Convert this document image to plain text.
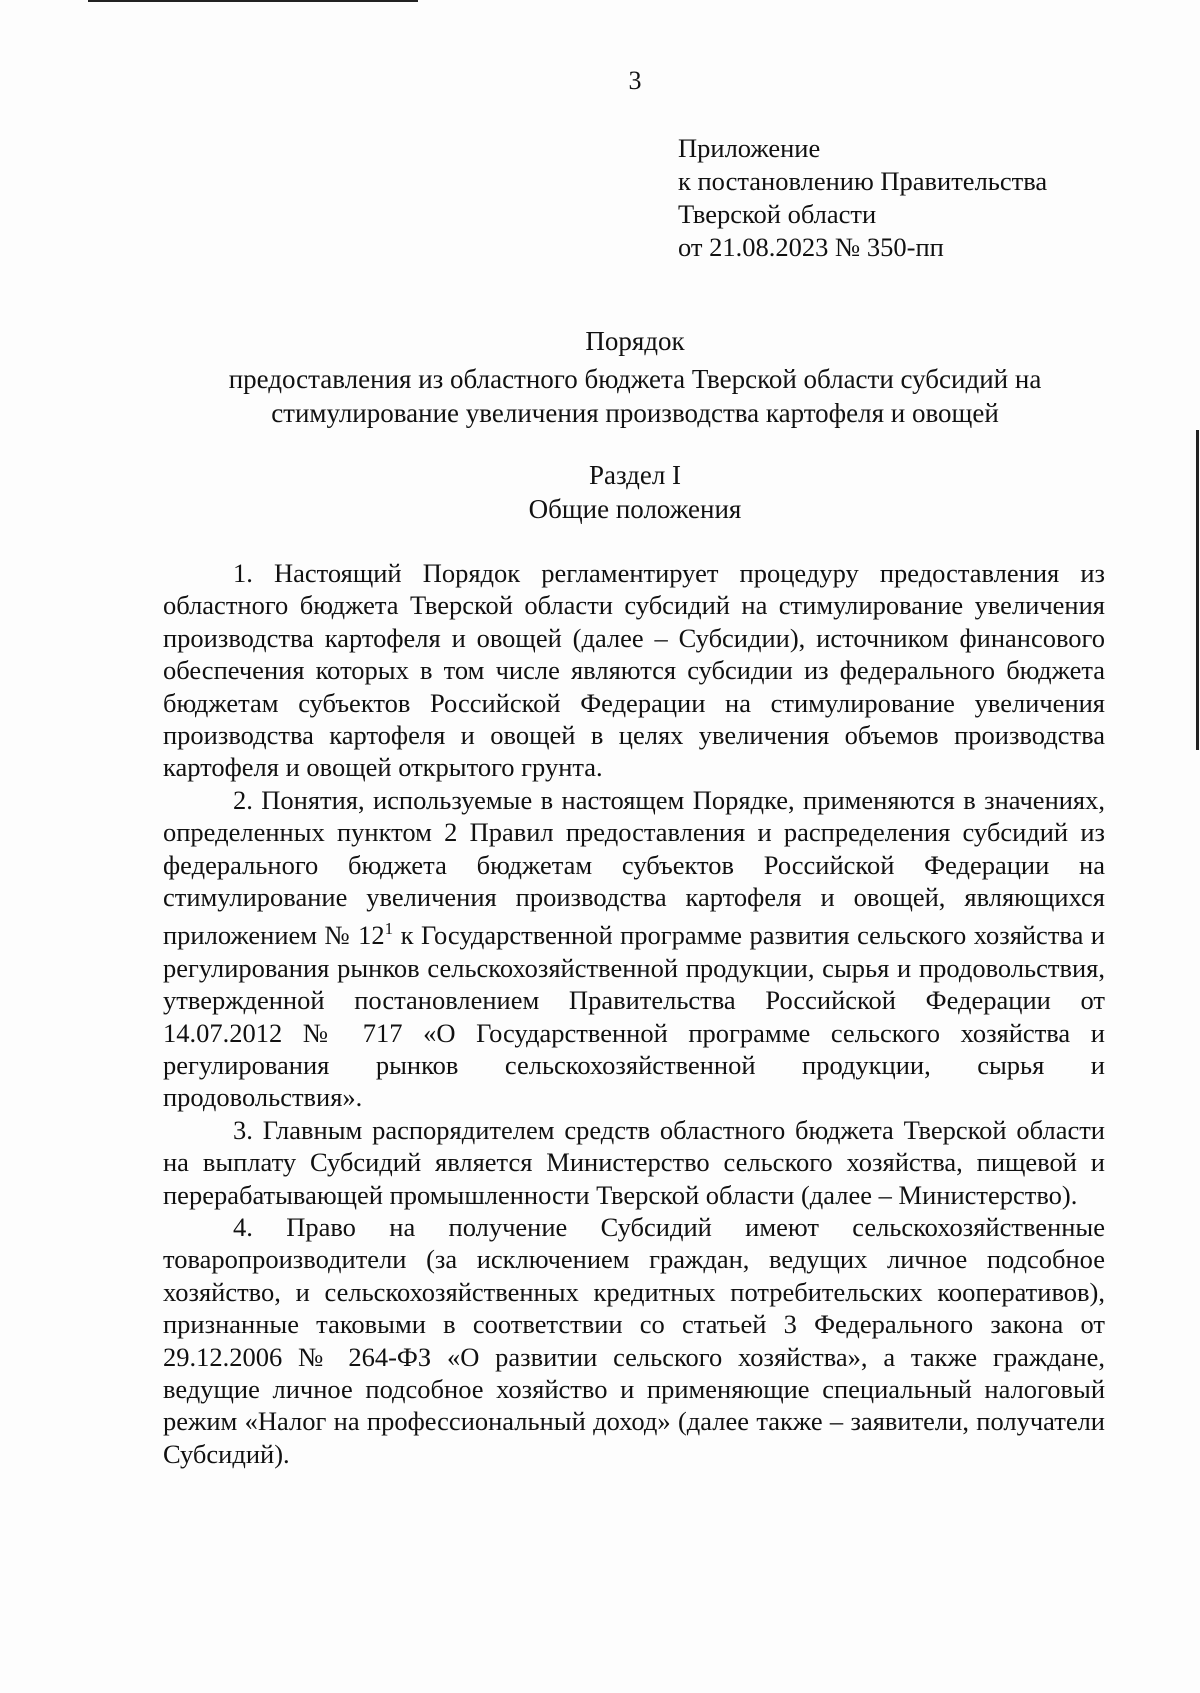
3
Приложение
к постановлению Правительства
Тверской области
от 21.08.2023 № 350-пп
Порядок
предоставления из областного бюджета Тверской области субсидий на стимулирование увеличения производства картофеля и овощей
Раздел I
Общие положения

1. Настоящий Порядок регламентирует процедуру предоставления из областного бюджета Тверской области субсидий на стимулирование увеличения производства картофеля и овощей (далее – Субсидии), источником финансового обеспечения которых в том числе являются субсидии из федерального бюджета бюджетам субъектов Российской Федерации на стимулирование увеличения производства картофеля и овощей в целях увеличения объемов производства картофеля и овощей открытого грунта.

2. Понятия, используемые в настоящем Порядке, применяются в значениях, определенных пунктом 2 Правил предоставления и распределения субсидий из федерального бюджета бюджетам субъектов Российской Федерации на стимулирование увеличения производства картофеля и овощей, являющихся приложением № $12^1$ к Государственной программе развития сельского хозяйства и регулирования рынков сельскохозяйственной продукции, сырья и продовольствия, утвержденной постановлением Правительства Российской Федерации от 14.07.2012 № 717 «О Государственной программе сельского хозяйства и регулирования рынков сельскохозяйственной продукции, сырья и продовольствия».

3. Главным распорядителем средств областного бюджета Тверской области на выплату Субсидий является Министерство сельского хозяйства, пищевой и перерабатывающей промышленности Тверской области (далее – Министерство).

4. Право на получение Субсидий имеют сельскохозяйственные товаропроизводители (за исключением граждан, ведущих личное подсобное хозяйство, и сельскохозяйственных кредитных потребительских кооперативов), признанные таковыми в соответствии со статьей 3 Федерального закона от 29.12.2006 № 264-ФЗ «О развитии сельского хозяйства», а также граждане, ведущие личное подсобное хозяйство и применяющие специальный налоговый режим «Налог на профессиональный доход» (далее также – заявители, получатели Субсидий).
